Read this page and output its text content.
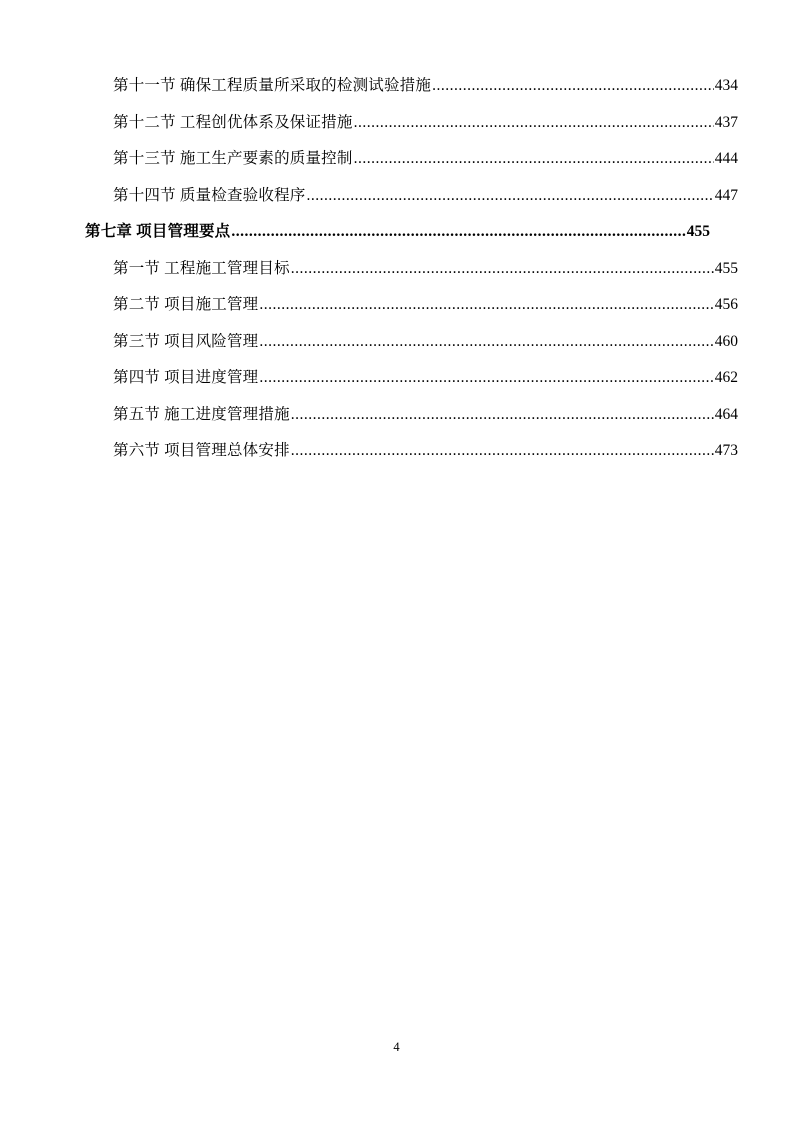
第十一节 确保工程质量所采取的检测试验措施 .....	434
第十二节 工程创优体系及保证措施 .....	437
第十三节 施工生产要素的质量控制 .....	444
第十四节 质量检查验收程序 .....	447
第七章 项目管理要点 .....	455
第一节 工程施工管理目标 .....	455
第二节 项目施工管理 .....	456
第三节 项目风险管理 .....	460
第四节 项目进度管理 .....	462
第五节 施工进度管理措施 .....	464
第六节 项目管理总体安排 .....	473
4
